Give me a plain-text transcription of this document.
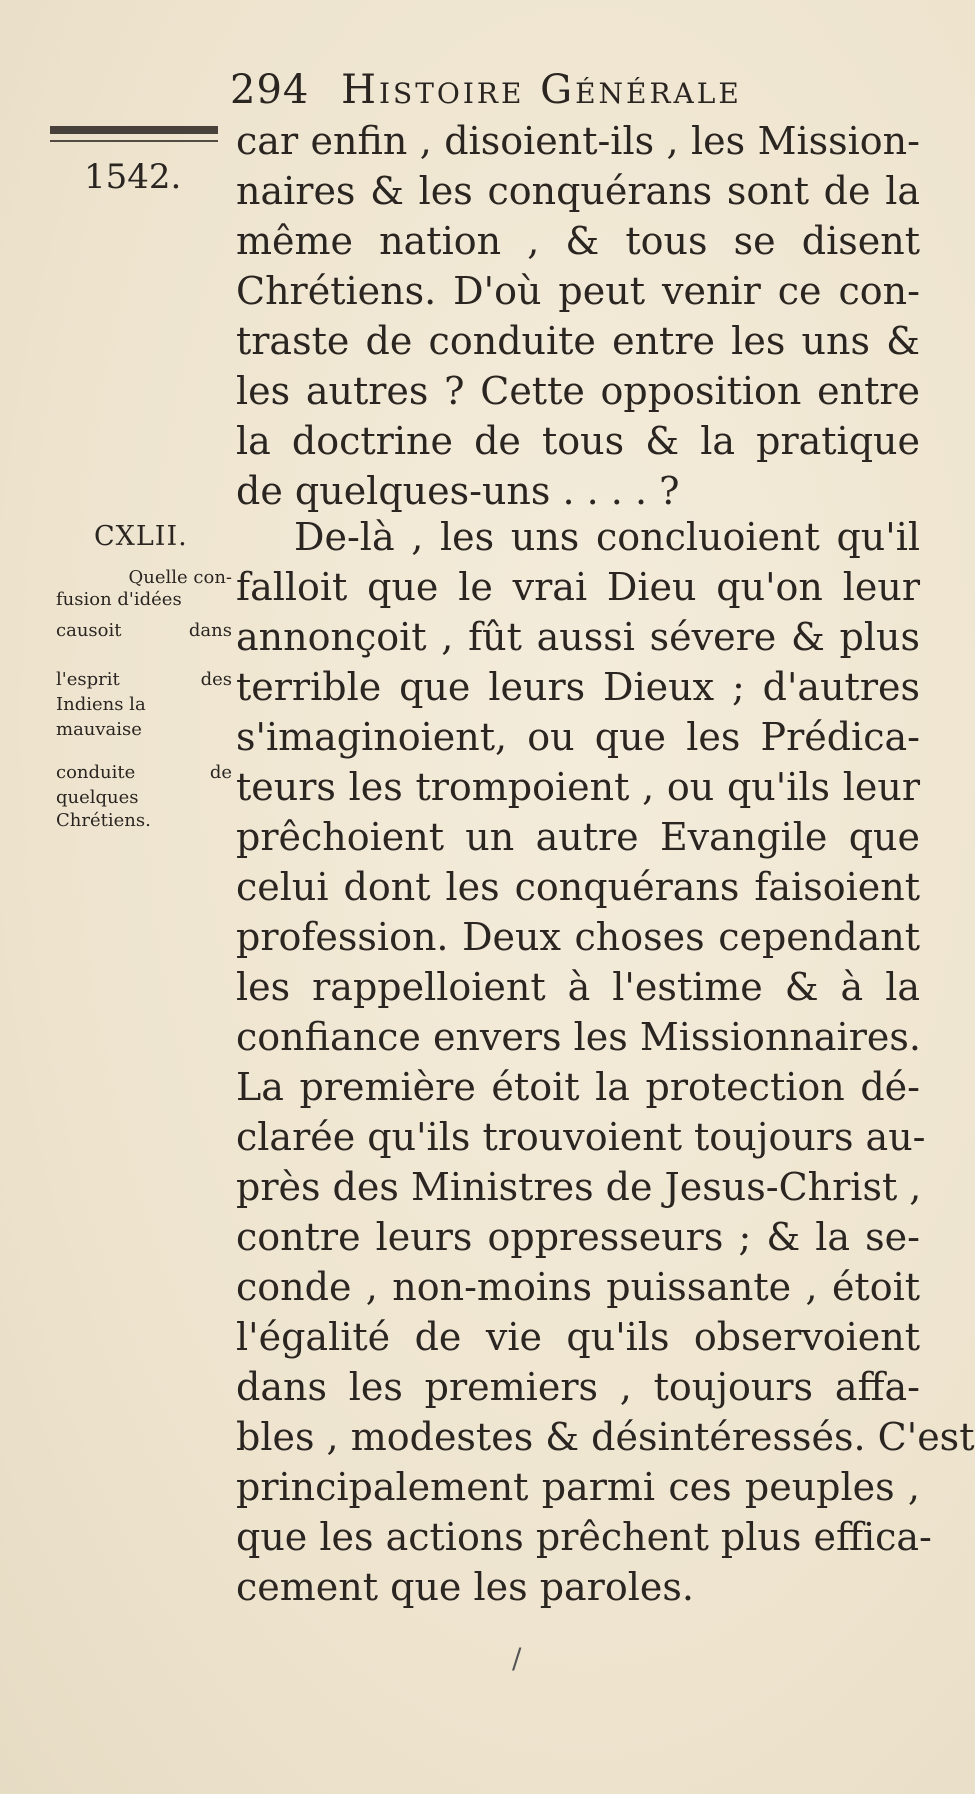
294 Histoire Générale
1542.
CXLII.
Quelle con-
fusion d'idées
causoit dans
l'esprit des
Indiens la
mauvaise
conduite de
quelques
Chrétiens.
car enfin , disoient-ils , les Mission-
naires & les conquérans sont de la
même nation , & tous se disent
Chrétiens. D'où peut venir ce con-
traste de conduite entre les uns &
les autres ? Cette opposition entre
la doctrine de tous & la pratique
de quelques-uns . . . . ?
De-là , les uns concluoient qu'il
falloit que le vrai Dieu qu'on leur
annonçoit , fût aussi sévere & plus
terrible que leurs Dieux ; d'autres
s'imaginoient, ou que les Prédica-
teurs les trompoient , ou qu'ils leur
prêchoient un autre Evangile que
celui dont les conquérans faisoient
profession. Deux choses cependant
les rappelloient à l'estime & à la
confiance envers les Missionnaires.
La première étoit la protection dé-
clarée qu'ils trouvoient toujours au-
près des Ministres de Jesus-Christ ,
contre leurs oppresseurs ; & la se-
conde , non-moins puissante , étoit
l'égalité de vie qu'ils observoient
dans les premiers , toujours affa-
bles , modestes & désintéressés. C'est
principalement parmi ces peuples ,
que les actions prêchent plus effica-
cement que les paroles.
/
